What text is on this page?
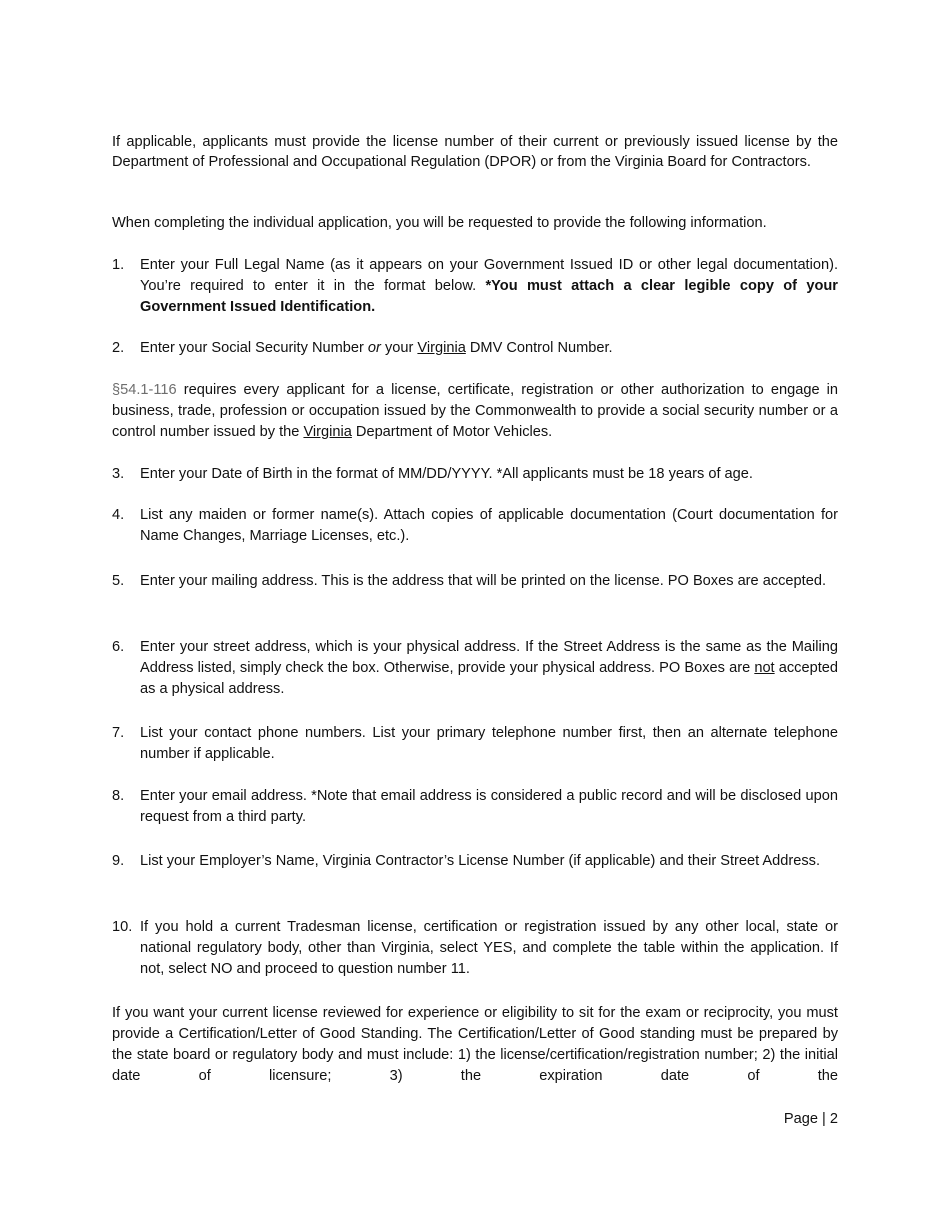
If applicable, applicants must provide the license number of their current or previously issued license by the Department of Professional and Occupational Regulation (DPOR) or from the Virginia Board for Contractors.

When completing the individual application, you will be requested to provide the following information.

1.	Enter your Full Legal Name (as it appears on your Government Issued ID or other legal documentation). You’re required to enter it in the format below. *You must attach a clear legible copy of your Government Issued Identification.

2.	Enter your Social Security Number or your Virginia DMV Control Number.

§54.1-116 requires every applicant for a license, certificate, registration or other authorization to engage in business, trade, profession or occupation issued by the Commonwealth to provide a social security number or a control number issued by the Virginia Department of Motor Vehicles.

3.	Enter your Date of Birth in the format of MM/DD/YYYY. *All applicants must be 18 years of age.

4.	List any maiden or former name(s). Attach copies of applicable documentation (Court documentation for Name Changes, Marriage Licenses, etc.).

5.	Enter your mailing address. This is the address that will be printed on the license. PO Boxes are accepted.

6.	Enter your street address, which is your physical address. If the Street Address is the same as the Mailing Address listed, simply check the box. Otherwise, provide your physical address. PO Boxes are not accepted as a physical address.

7.	List your contact phone numbers. List your primary telephone number first, then an alternate telephone number if applicable.

8.	Enter your email address. *Note that email address is considered a public record and will be disclosed upon request from a third party.

9.	List your Employer’s Name, Virginia Contractor’s License Number (if applicable) and their Street Address.

10. If you hold a current Tradesman license, certification or registration issued by any other local, state or national regulatory body, other than Virginia, select YES, and complete the table within the application. If not, select NO and proceed to question number 11.

If you want your current license reviewed for experience or eligibility to sit for the exam or reciprocity, you must provide a Certification/Letter of Good Standing. The Certification/Letter of Good standing must be prepared by the state board or regulatory body and must include: 1) the license/certification/registration number; 2) the initial date of licensure; 3) the expiration date of the

Page | 2
